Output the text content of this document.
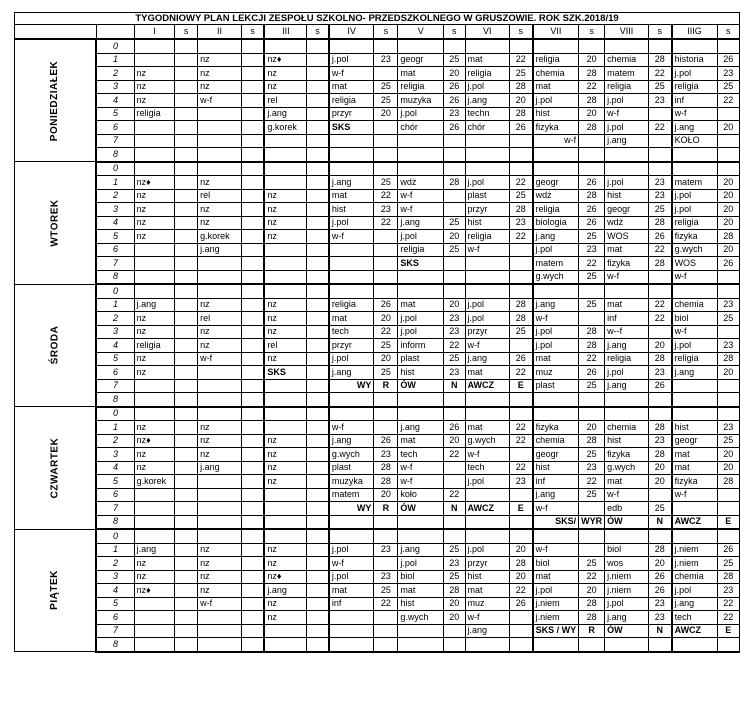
TYGODNIOWY PLAN LEKCJI ZESPOŁU SZKOLNO- PRZEDSZKOLNEGO W GRUSZOWIE. ROK SZK.2018/19																			
		I	s	II	s	III	s	IV	s	V	s	VI	s	VII	s	VIII	s	IIIG	s
PONIEDZIAŁEK	0																		
	1			nz		nz♦		j.pol	23	geogr	25	mat	22	religia	20	chemia	28	historia	26
	2	nz		nz		nz		w-f		mat	20	religia	25	chemia	28	matem	22	j.pol	23
	3	nz		nz		nz		mat	25	religia	26	j.pol	28	mat	22	religia	25	religia	25
	4	nz		w-f		rel		religia	25	muzyka	26	j.ang	20	j.pol	28	j.pol	23	inf	22
	5	religia				j.ang		przyr	20	j.pol	23	techn	28	hist	20	w-f		w-f	
	6					g.korek		SKS		chór	26	chór	26	fizyka	28	j.pol	22	j.ang	20
	7													w-f		j.ang		KOŁO	
	8																		
WTOREK	0																		
	1	nz♦		nz				j.ang	25	wdż	28	j.pol	22	geogr	26	j.pol	23	matem	20
	2	nz		rel		nz		mat	22	w-f		plast	25	wdż	28	hist	23	j.pol	20
	3	nz		nz		nz		hist	23	w-f		przyr	28	religia	26	geogr	25	j.pol	20
	4	nz		nz		nz		j.pol	22	j.ang	25	hist	23	biologia	26	wdż	28	religia	20
	5	nz		g.korek		nz		w-f		j.pol	20	religia	22	j.ang	25	WOS	26	fizyka	28
	6			j.ang						religia	25	w-f		j.pol	23	mat	22	g.wych	20
	7									SKS				matem	22	fizyka	28	WOS	26
	8													g.wych	25	w-f		w-f	
ŚRODA	0																		
	1	j.ang		nz		nz		religia	26	mat	20	j.pol	28	j.ang	25	mat	22	chemia	23
	2	nz		rel		nz		mat	20	j.pol	23	j.pol	28	w-f		inf	22	biol	25
	3	nz		nz		nz		tech	22	j.pol	23	przyr	25	j.pol	28	w--f		w-f	
	4	religia		nz		rel		przyr	25	inform	22	w-f		j.pol	28	j.ang	20	j.pol	23
	5	nz		w-f		nz		j.pol	20	plast	25	j.ang	26	mat	22	religia	28	religia	28
	6	nz				SKS		j.ang	25	hist	23	mat	22	muz	26	j.pol	23	j.ang	20
	7							WY	R	ÓW	N	AWCZ	E	plast	25	j.ang	26		
	8																		
CZWARTEK	0																		
	1	nz		nz				w-f		j.ang	26	mat	22	fizyka	20	chemia	28	hist	23
	2	nz♦		nz		nz		j.ang	26	mat	20	g.wych	22	chemia	28	hist	23	geogr	25
	3	nz		nz		nz		g.wych	23	tech	22	w-f		geogr	25	fizyka	28	mat	20
	4	nz		j.ang		nz		plast	28	w-f		tech	22	hist	23	g.wych	20	mat	20
	5	g.korek				nz		muzyka	28	w-f		j.pol	23	inf	22	mat	20	fizyka	28
	6							matem	20	koło	22			j.ang	25	w-f		w-f	
	7							WY	R	ÓW	N	AWCZ	E	w-f		edb	25		
	8													SKS/	WYR	ÓW	N	AWCZ	E
PIĄTEK	0																		
	1	j.ang		nz		nz		j.pol	23	j.ang	25	j.pol	20	w-f		biol	28	j.niem	26
	2	nz		nz		nz		w-f		j.pol	23	przyr	28	biol	25	wos	20	j.niem	25
	3	nz		nz		nz♦		j.pol	23	biol	25	hist	20	mat	22	j.niem	26	chemia	28
	4	nz♦		nz		j.ang		mat	25	mat	28	mat	22	j.pol	20	j.niem	26	j.pol	23
	5			w-f		nz		inf	22	hist	20	muz	26	j.niem	28	j.pol	23	j.ang	22
	6					nz				g.wych	20	w-f		j.niem	28	j.ang	23	tech	22
	7											j.ang		SKS / WY	R	ÓW	N	AWCZ	E
	8																		
